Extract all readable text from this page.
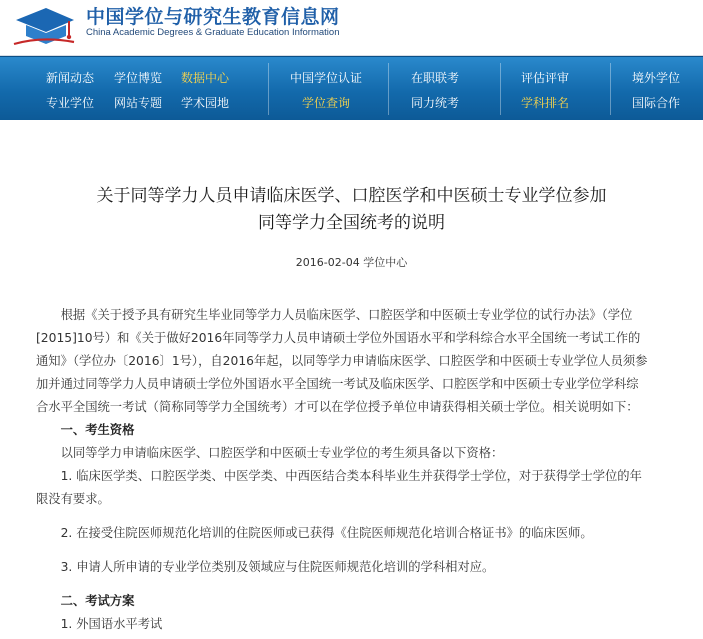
中国学位与研究生教育信息网
China Academic Degrees & Graduate Education Information
新闻动态
专业学位
学位博览
网站专题
数据中心
学术园地
中国学位认证
学位查询
在职联考
同力统考
评估评审
学科排名
境外学位
国际合作
关于同等学力人员申请临床医学、口腔医学和中医硕士专业学位参加
同等学力全国统考的说明
2016-02-04 学位中心

根据《关于授予具有研究生毕业同等学力人员临床医学、口腔医学和中医硕士专业学位的试行办法》（学位[2015]10号）和《关于做好2016年同等学力人员申请硕士学位外国语水平和学科综合水平全国统一考试工作的通知》（学位办〔2016〕1号），自2016年起，以同等学力申请临床医学、口腔医学和中医硕士专业学位人员须参加并通过同等学力人员申请硕士学位外国语水平全国统一考试及临床医学、口腔医学和中医硕士专业学位学科综合水平全国统一考试（简称同等学力全国统考）才可以在学位授予单位申请获得相关硕士学位。相关说明如下：

一、考生资格

以同等学力申请临床医学、口腔医学和中医硕士专业学位的考生须具备以下资格：

1. 临床医学类、口腔医学类、中医学类、中西医结合类本科毕业生并获得学士学位，对于获得学士学位的年限没有要求。

2. 在接受住院医师规范化培训的住院医师或已获得《住院医师规范化培训合格证书》的临床医师。

3. 申请人所申请的专业学位类别及领域应与住院医师规范化培训的学科相对应。

二、考试方案

1. 外国语水平考试
